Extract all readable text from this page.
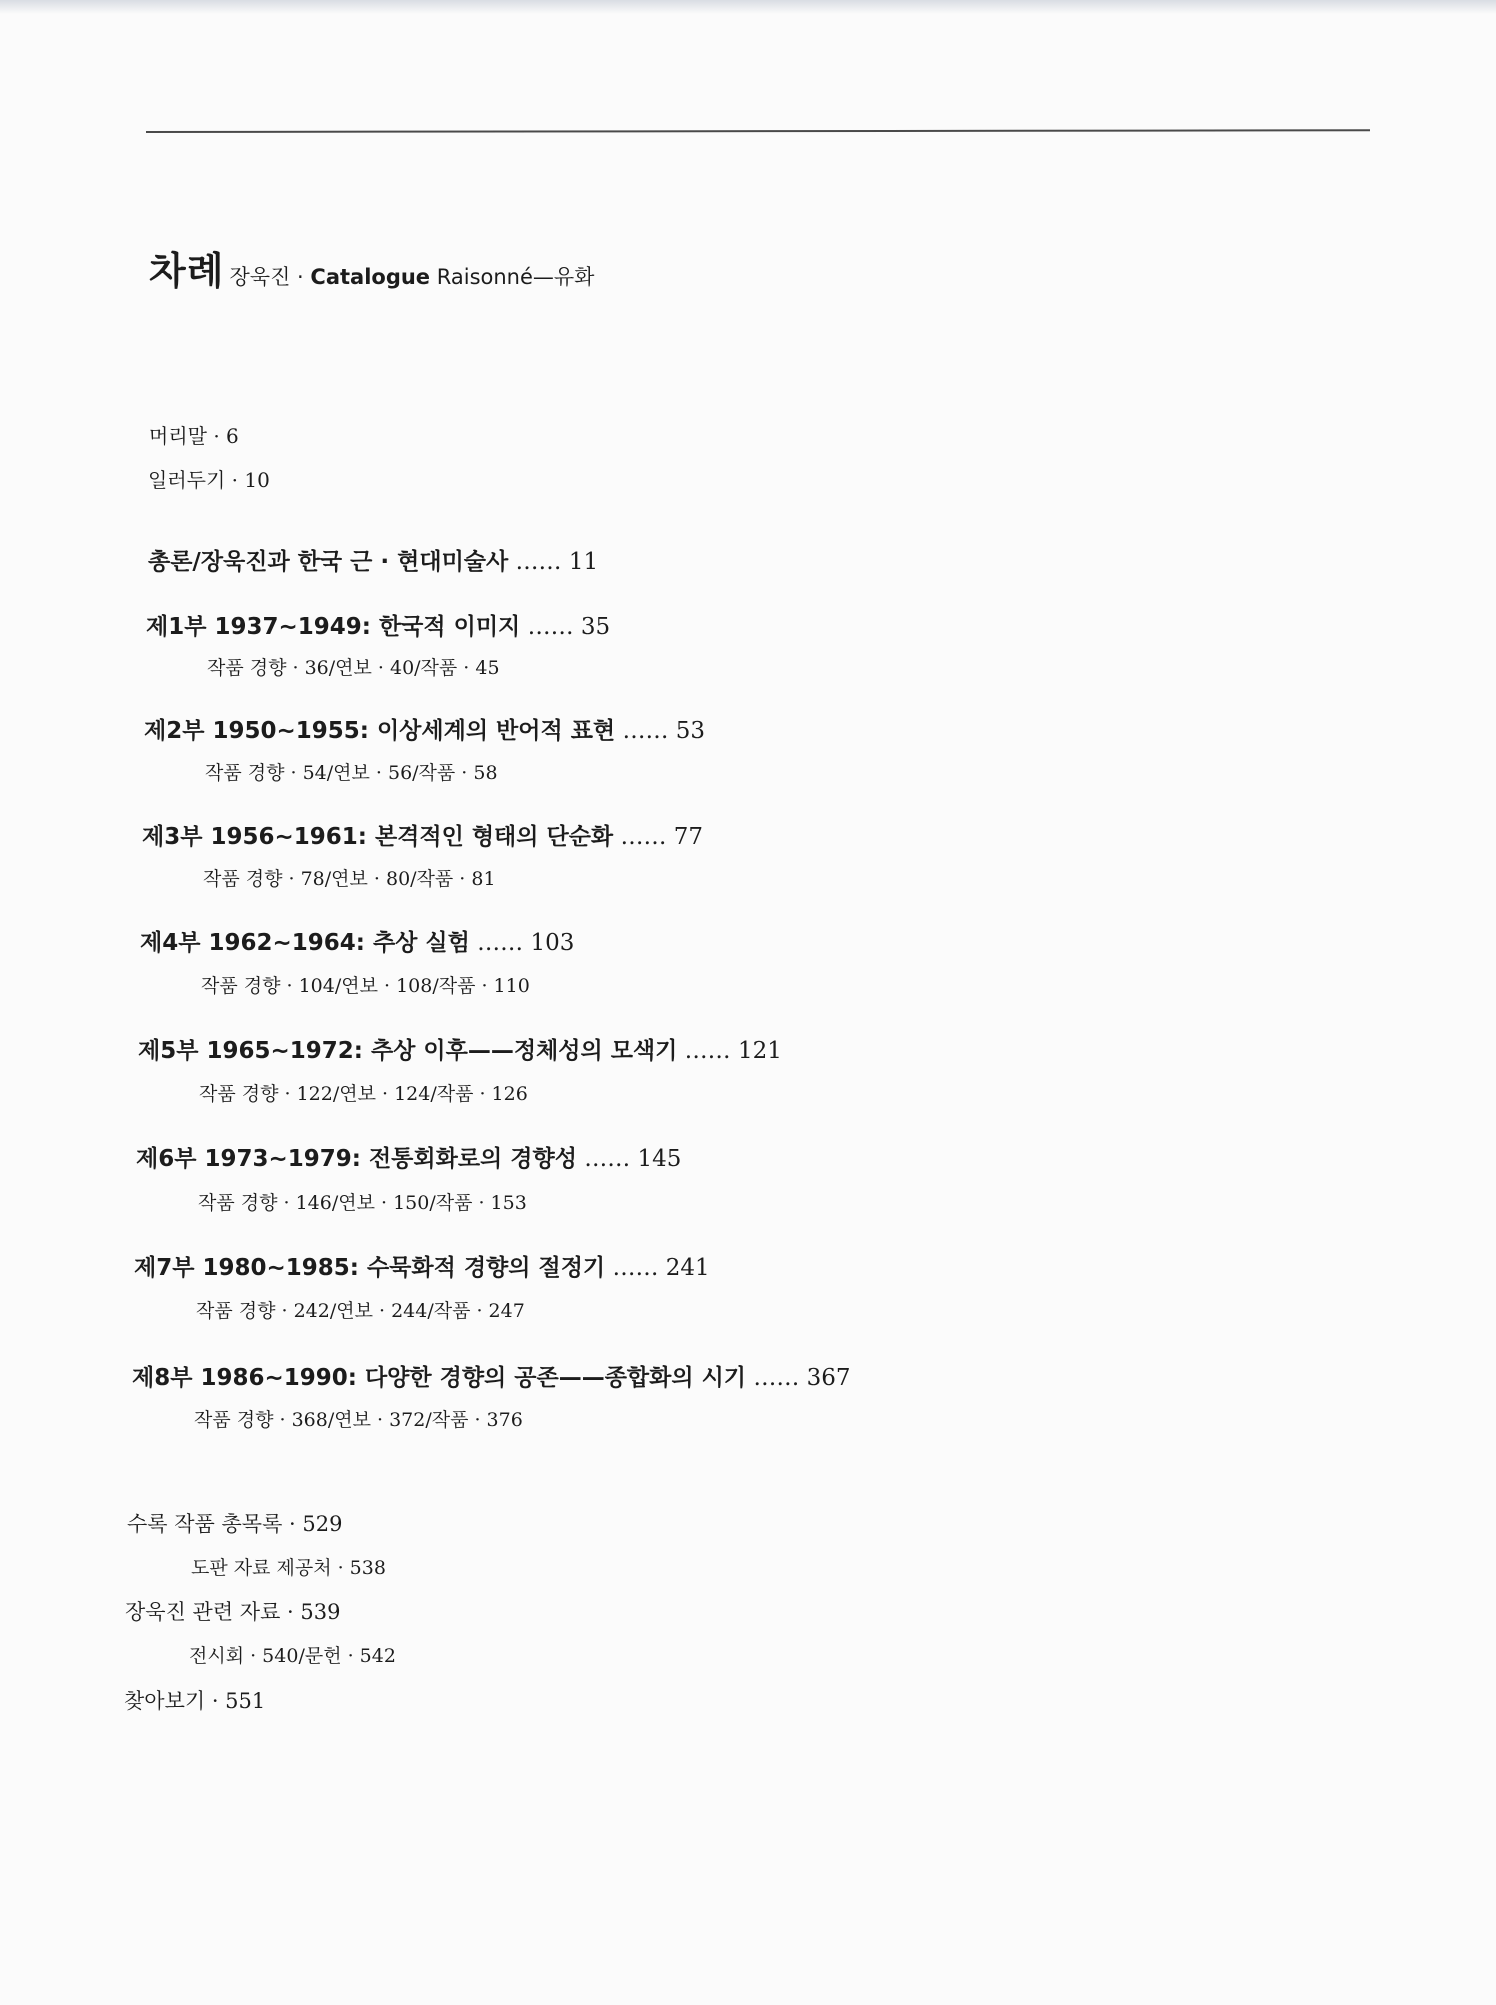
차례 장욱진 · Catalogue Raisonné—유화
머리말 · 6
일러두기 · 10
총론/장욱진과 한국 근 · 현대미술사 …… 11
제1부 1937~1949: 한국적 이미지 …… 35
작품 경향 · 36/연보 · 40/작품 · 45
제2부 1950~1955: 이상세계의 반어적 표현 …… 53
작품 경향 · 54/연보 · 56/작품 · 58
제3부 1956~1961: 본격적인 형태의 단순화 …… 77
작품 경향 · 78/연보 · 80/작품 · 81
제4부 1962~1964: 추상 실험 …… 103
작품 경향 · 104/연보 · 108/작품 · 110
제5부 1965~1972: 추상 이후——정체성의 모색기 …… 121
작품 경향 · 122/연보 · 124/작품 · 126
제6부 1973~1979: 전통회화로의 경향성 …… 145
작품 경향 · 146/연보 · 150/작품 · 153
제7부 1980~1985: 수묵화적 경향의 절정기 …… 241
작품 경향 · 242/연보 · 244/작품 · 247
제8부 1986~1990: 다양한 경향의 공존——종합화의 시기 …… 367
작품 경향 · 368/연보 · 372/작품 · 376
수록 작품 총목록 · 529
도판 자료 제공처 · 538
장욱진 관련 자료 · 539
전시회 · 540/문헌 · 542
찾아보기 · 551
